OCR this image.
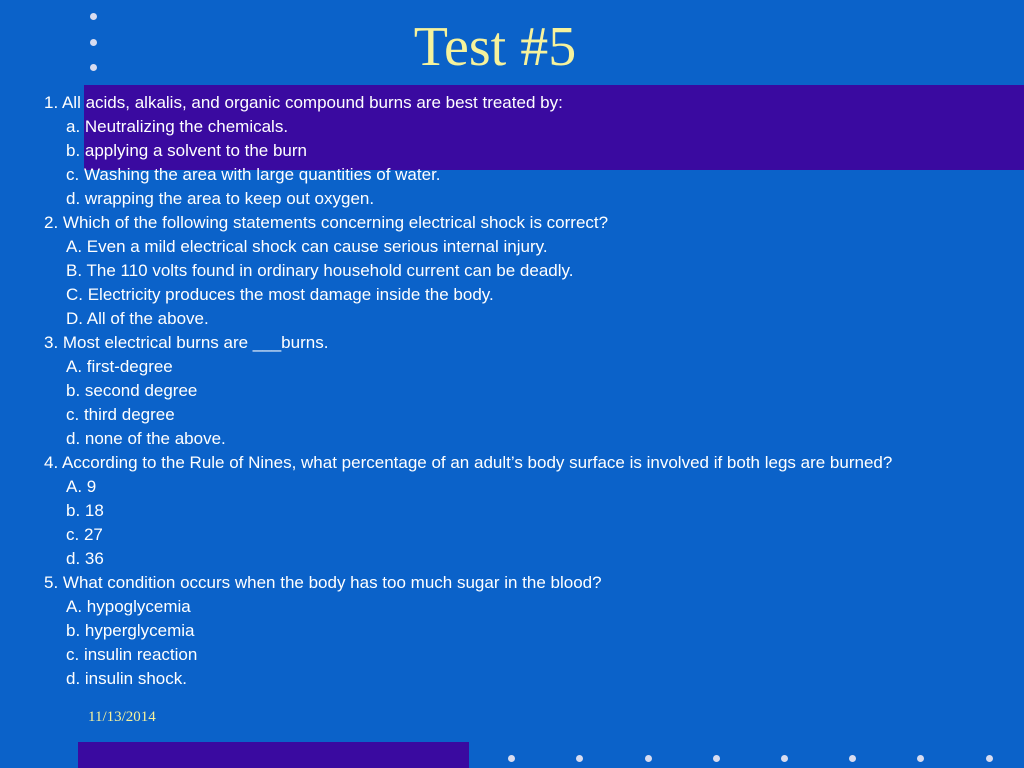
Test #5
1. All acids, alkalis, and organic compound burns are best treated by:
a. Neutralizing the chemicals.
b. applying a solvent to the burn
c. Washing the area with large quantities of water.
d. wrapping the area to keep out oxygen.
2. Which of the following statements concerning electrical shock is correct?
A. Even a mild electrical shock can cause serious internal injury.
B. The 110 volts found in ordinary household current can be deadly.
C. Electricity produces the most damage inside the body.
D. All of the above.
3. Most electrical burns are ___burns.
A. first-degree
b. second degree
c. third degree
d. none of the above.
4. According to the Rule of Nines, what percentage of an adult’s body surface is involved if both legs are burned?
A. 9
b. 18
c. 27
d. 36
5. What condition occurs when the body has too much sugar in the blood?
A. hypoglycemia
b. hyperglycemia
c. insulin reaction
d. insulin shock.
11/13/2014
